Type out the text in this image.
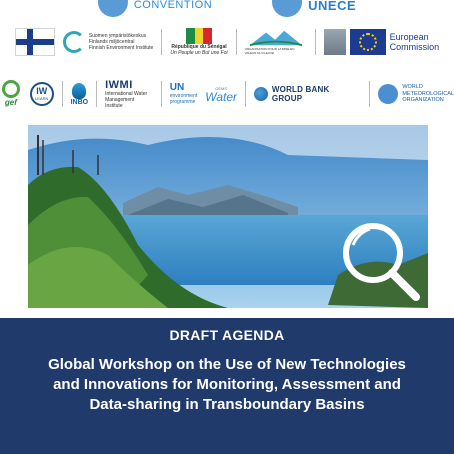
CONVENTION	UNECE
Suomen ympäristökeskus
Finlands miljöcentral
Finnish Environment Institute	République du Sénégal
Un Peuple un But une Foi
ORGANISATION POUR LA MISE EN VALEUR DU FLEUVE
European
Commission
gef
IW
LEARN	INBO
IWMI
International Water
Management Institute
UN
environment
programme
GEMS
Water	WORLD BANK GROUP
WORLD
METEOROLOGICAL
ORGANIZATION
DRAFT AGENDA
Global Workshop on the Use of New Technologies and Innovations for Monitoring, Assessment and Data-sharing in Transboundary Basins
